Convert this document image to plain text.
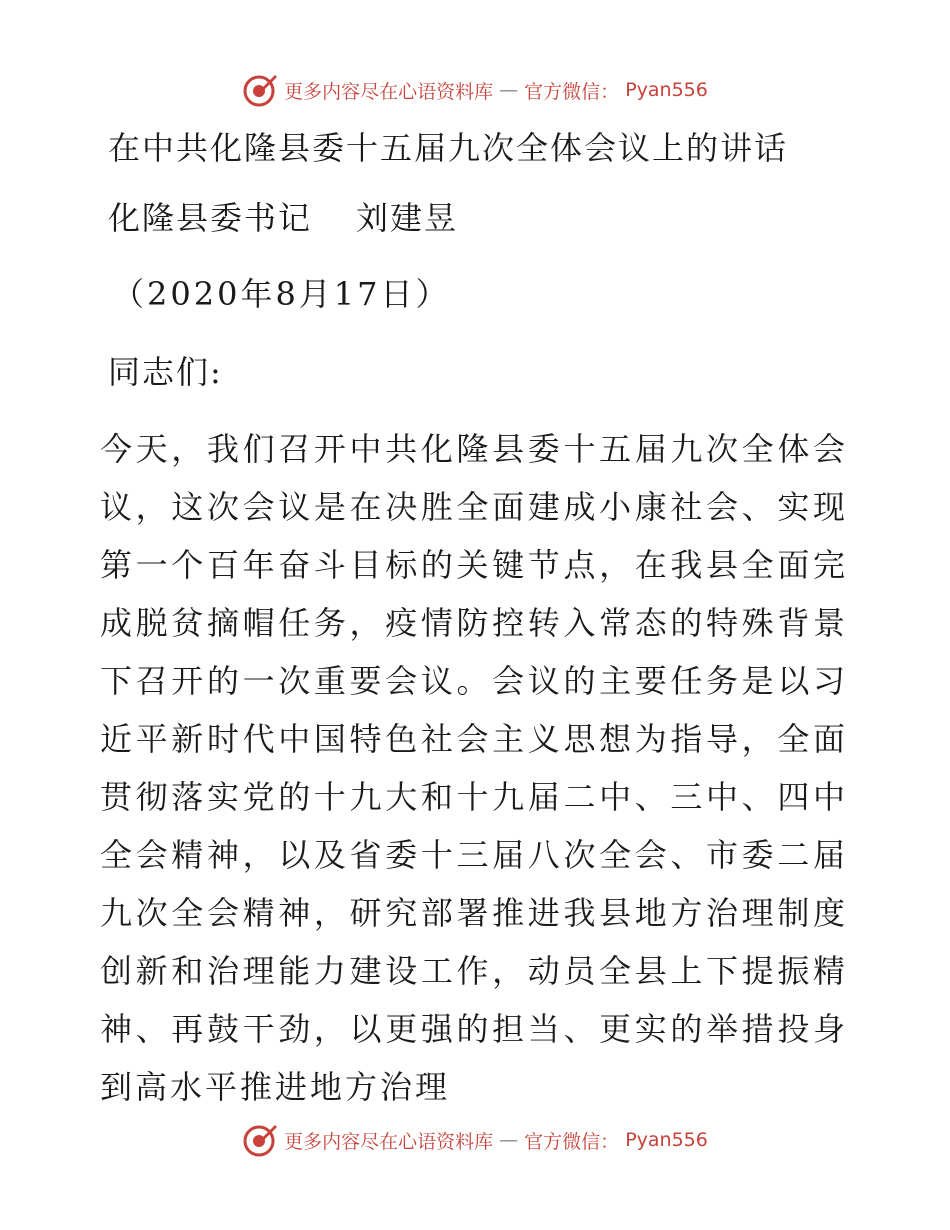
更多内容尽在心语资料库 — 官方微信： Pyan556
在中共化隆县委十五届九次全体会议上的讲话
化隆县委书记 刘建昱
（2020年8月17日）
同志们:
今天，我们召开中共化隆县委十五届九次全体会议，这次会议是在决胜全面建成小康社会、实现第一个百年奋斗目标的关键节点，在我县全面完成脱贫摘帽任务，疫情防控转入常态的特殊背景下召开的一次重要会议。会议的主要任务是以习近平新时代中国特色社会主义思想为指导，全面贯彻落实党的十九大和十九届二中、三中、四中全会精神，以及省委十三届八次全会、市委二届九次全会精神，研究部署推进我县地方治理制度创新和治理能力建设工作，动员全县上下提振精神、再鼓干劲，以更强的担当、更实的举措投身到高水平推进地方治理
更多内容尽在心语资料库 — 官方微信： Pyan556
